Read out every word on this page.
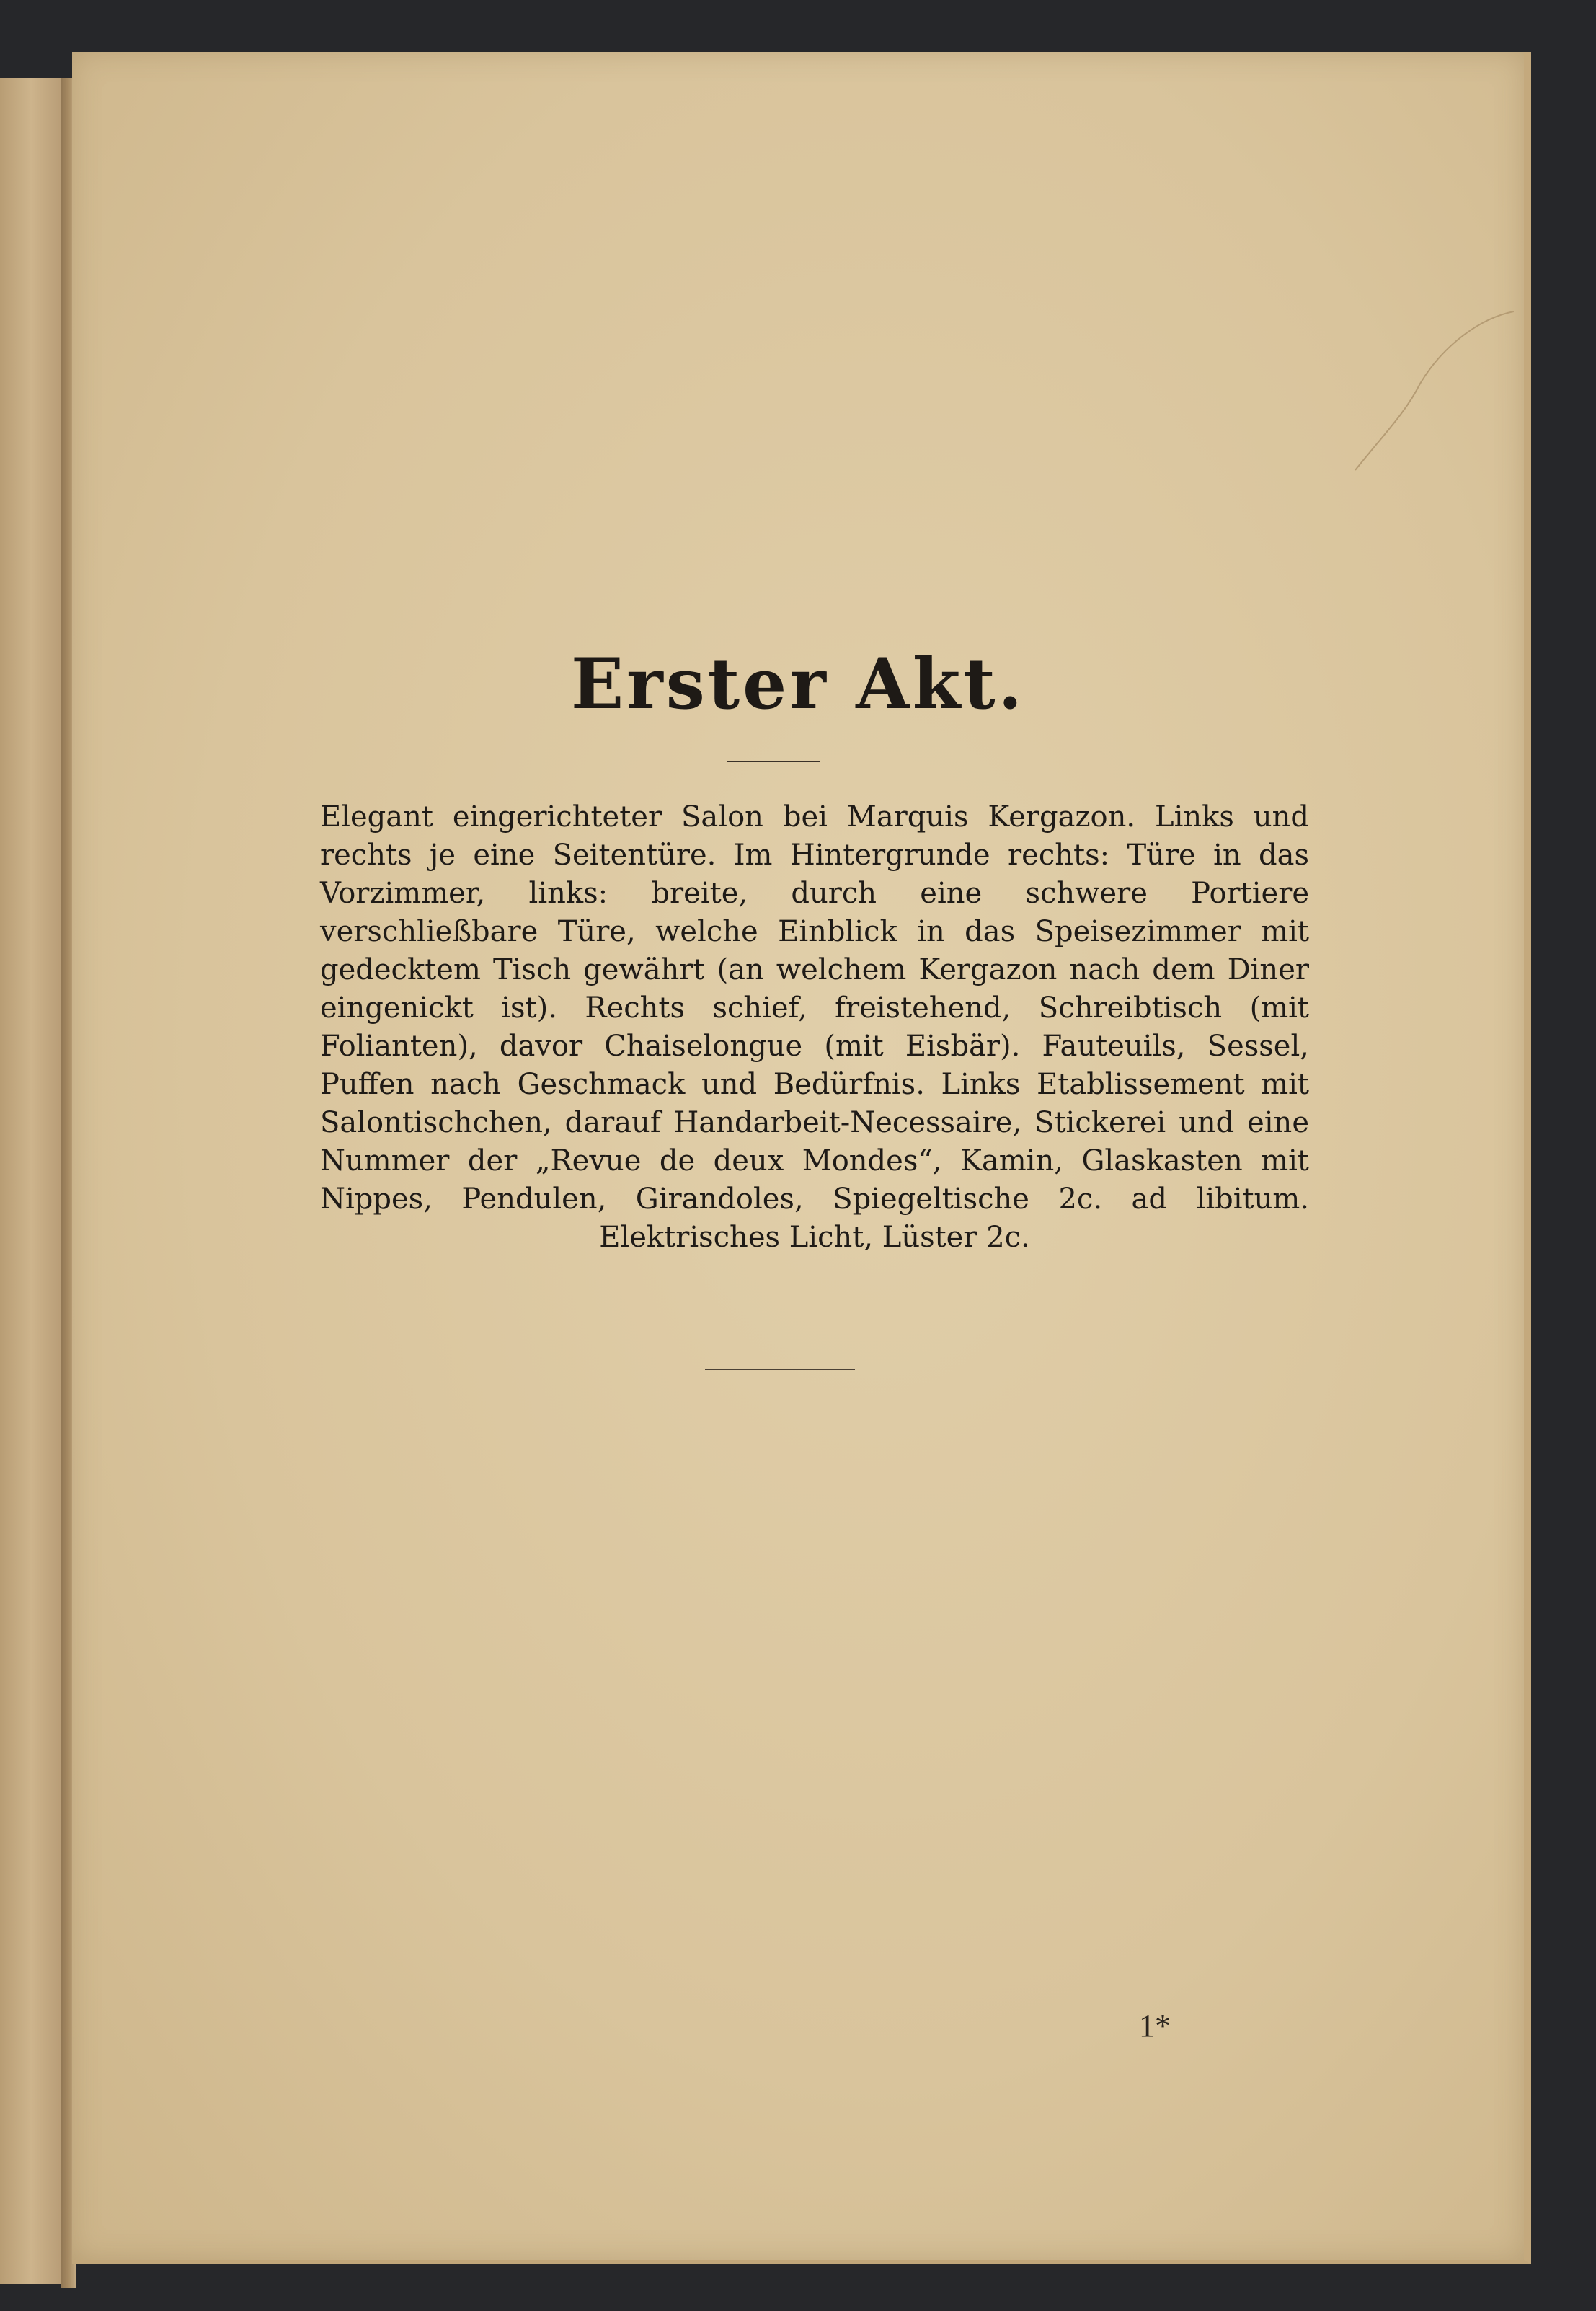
Erster Akt.
Elegant eingerichteter Salon bei Marquis Kergazon. Links und rechts je eine Seitentüre. Im Hintergrunde rechts: Türe in das Vorzimmer, links: breite, durch eine schwere Portiere verschließbare Türe, welche Einblick in das Speisezimmer mit gedecktem Tisch gewährt (an welchem Kergazon nach dem Diner eingenickt ist). Rechts schief, freistehend, Schreibtisch (mit Folianten), davor Chaiselongue (mit Eisbär). Fauteuils, Sessel, Puffen nach Geschmack und Bedürfnis. Links Etablissement mit Salontischchen, darauf Handarbeit-Necessaire, Stickerei und eine Nummer der „Revue de deux Mondes“, Kamin, Glaskasten mit Nippes, Pendulen, Girandoles, Spiegeltische 2c. ad libitum. Elektrisches Licht, Lüster 2c.
1*
